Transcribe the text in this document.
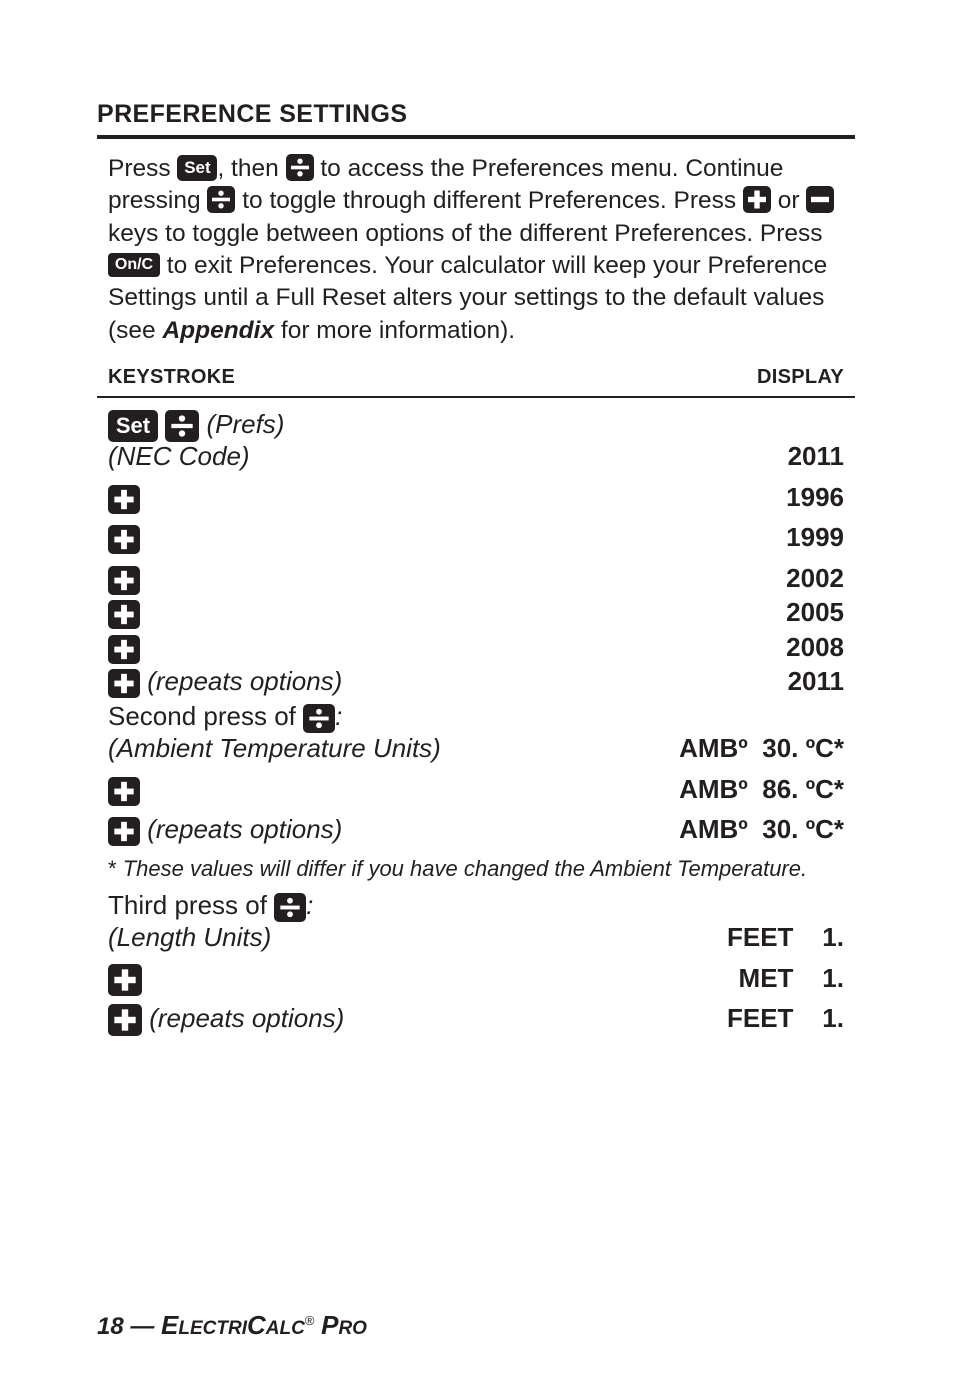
PREFERENCE SETTINGS
Press Set , then
to access the Preferences menu. Continue
pressing
to toggle through different Preferences. Press
or
keys to toggle between options of the different Preferences. Press
On/C to exit Preferences. Your calculator will keep your Preference
Settings until a Full Reset alters your settings to the default values
(see Appendix for more information).
KEYSTROKE	DISPLAY
Set (Prefs)
(NEC Code)	2011
1996
1999
2002
2005
2008
(repeats options)	2011
Second press of
:
(Ambient Temperature Units)	AMBº  30. ºC*
AMBº  86. ºC*
(repeats options)	AMBº  30. ºC*
* These values will differ if you have changed the Ambient Temperature.
Third press of
:
(Length Units)	FEET    1.
MET    1.
(repeats options)	FEET    1.
18 — ELECTRICALC® PRO
